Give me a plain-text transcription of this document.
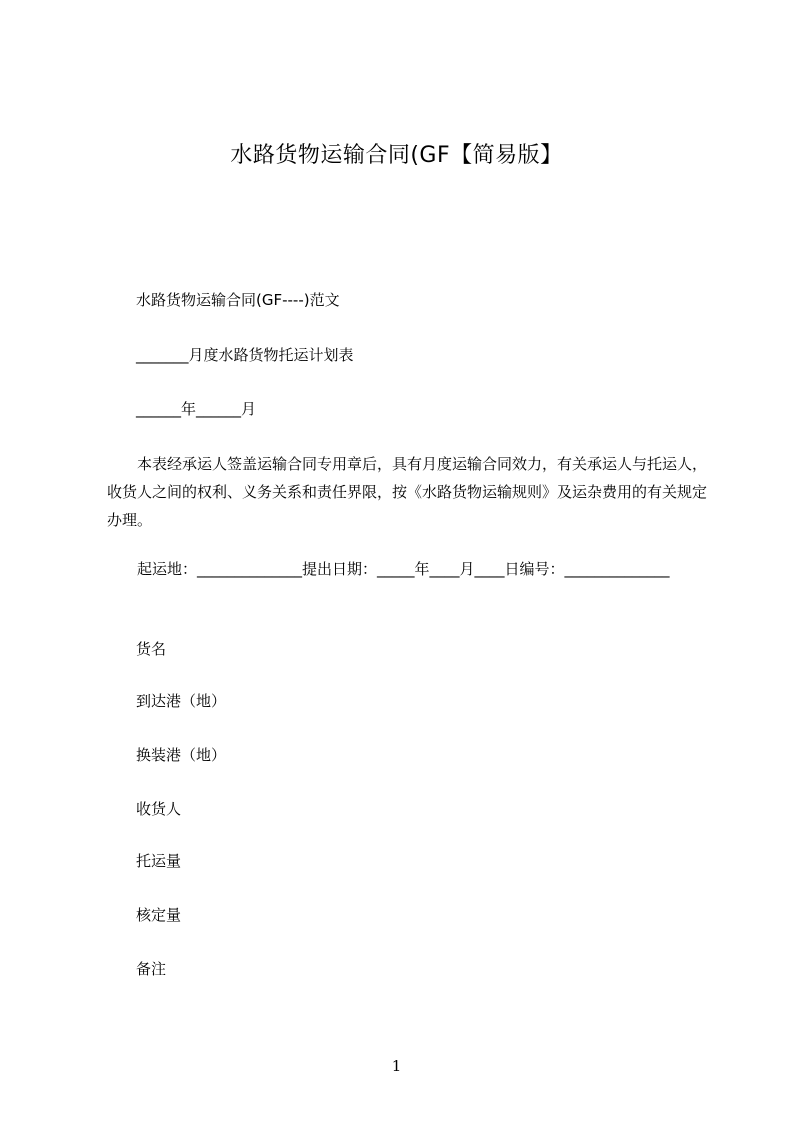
水路货物运输合同(GF【简易版】
水路货物运输合同(GF----)范文
_______月度水路货物托运计划表
______年______月
本表经承运人签盖运输合同专用章后，具有月度运输合同效力，有关承运人与托运人，收货人之间的权利、义务关系和责任界限，按《水路货物运输规则》及运杂费用的有关规定办理。
起运地：______________提出日期：_____年____月____日编号：______________
货名
到达港（地）
换装港（地）
收货人
托运量
核定量
备注
1
